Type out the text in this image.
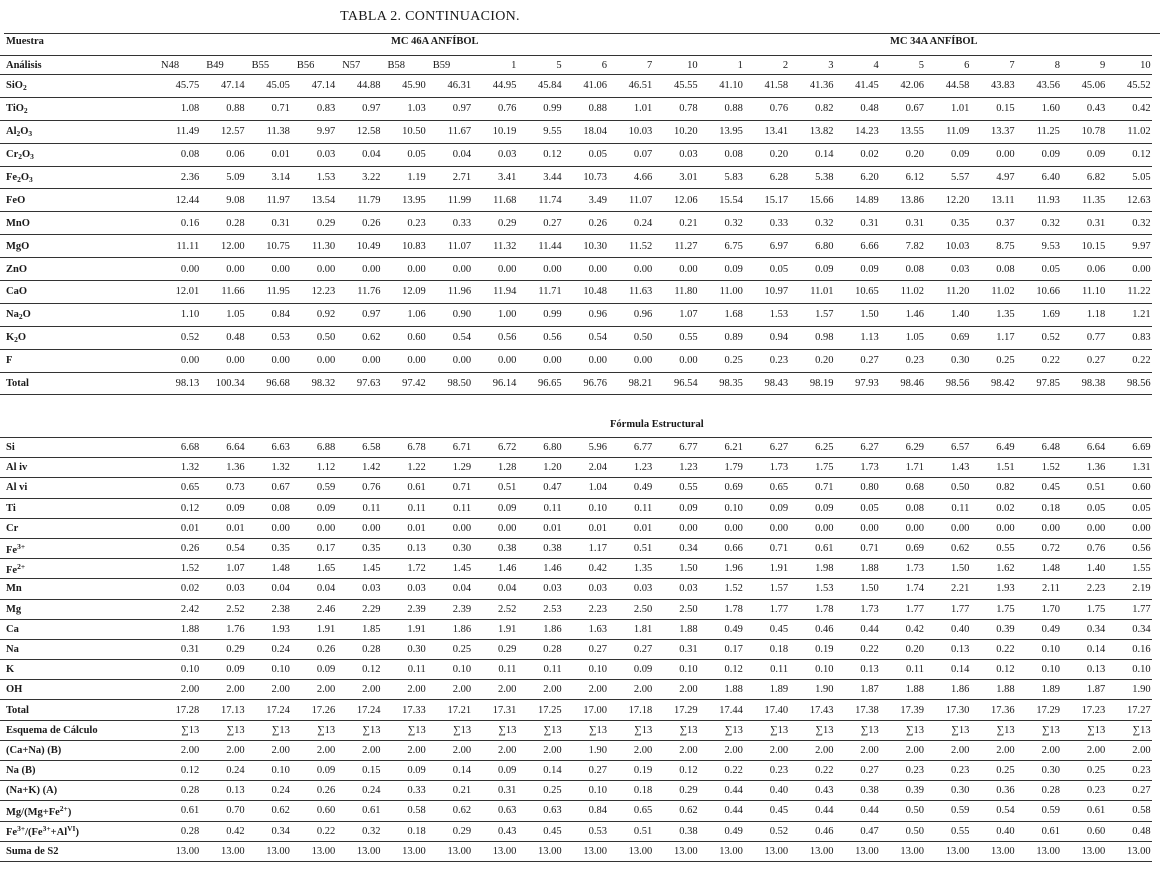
TABLA 2. CONTINUACION.
Muestra	MC 46A ANFÍBOL	MC 34A ANFÍBOL
Análisis	N48	B49	B55	B56	N57	B58	B59	1	5	6	7	10	1	2	3	4	5	6	7	8	9	10
SiO$_2$	45.75	47.14	45.05	47.14	44.88	45.90	46.31	44.95	45.84	41.06	46.51	45.55	41.10	41.58	41.36	41.45	42.06	44.58	43.83	43.56	45.06	45.52
TiO$_2$	1.08	0.88	0.71	0.83	0.97	1.03	0.97	0.76	0.99	0.88	1.01	0.78	0.88	0.76	0.82	0.48	0.67	1.01	0.15	1.60	0.43	0.42
$Al_2O_3$	11.49	12.57	11.38	9.97	12.58	10.50	11.67	10.19	9.55	18.04	10.03	10.20	13.95	13.41	13.82	14.23	13.55	11.09	13.37	11.25	10.78	11.02
$Cr_2O_3$	0.08	0.06	0.01	0.03	0.04	0.05	0.04	0.03	0.12	0.05	0.07	0.03	0.08	0.20	0.14	0.02	0.20	0.09	0.00	0.09	0.09	0.12
$Fe_2O_3$	2.36	5.09	3.14	1.53	3.22	1.19	2.71	3.41	3.44	10.73	4.66	3.01	5.83	6.28	5.38	6.20	6.12	5.57	4.97	6.40	6.82	5.05
FeO	12.44	9.08	11.97	13.54	11.79	13.95	11.99	11.68	11.74	3.49	11.07	12.06	15.54	15.17	15.66	14.89	13.86	12.20	13.11	11.93	11.35	12.63
MnO	0.16	0.28	0.31	0.29	0.26	0.23	0.33	0.29	0.27	0.26	0.24	0.21	0.32	0.33	0.32	0.31	0.31	0.35	0.37	0.32	0.31	0.32
MgO	11.11	12.00	10.75	11.30	10.49	10.83	11.07	11.32	11.44	10.30	11.52	11.27	6.75	6.97	6.80	6.66	7.82	10.03	8.75	9.53	10.15	9.97
ZnO	0.00	0.00	0.00	0.00	0.00	0.00	0.00	0.00	0.00	0.00	0.00	0.00	0.09	0.05	0.09	0.09	0.08	0.03	0.08	0.05	0.06	0.00
CaO	12.01	11.66	11.95	12.23	11.76	12.09	11.96	11.94	11.71	10.48	11.63	11.80	11.00	10.97	11.01	10.65	11.02	11.20	11.02	10.66	11.10	11.22
$Na_2O$	1.10	1.05	0.84	0.92	0.97	1.06	0.90	1.00	0.99	0.96	0.96	1.07	1.68	1.53	1.57	1.50	1.46	1.40	1.35	1.69	1.18	1.21
$K_2O$	0.52	0.48	0.53	0.50	0.62	0.60	0.54	0.56	0.56	0.54	0.50	0.55	0.89	0.94	0.98	1.13	1.05	0.69	1.17	0.52	0.77	0.83
F	0.00	0.00	0.00	0.00	0.00	0.00	0.00	0.00	0.00	0.00	0.00	0.00	0.25	0.23	0.20	0.27	0.23	0.30	0.25	0.22	0.27	0.22
Total	98.13	100.34	96.68	98.32	97.63	97.42	98.50	96.14	96.65	96.76	98.21	96.54	98.35	98.43	98.19	97.93	98.46	98.56	98.42	97.85	98.38	98.56

Fórmula Estructural
Si	6.68	6.64	6.63	6.88	6.58	6.78	6.71	6.72	6.80	5.96	6.77	6.77	6.21	6.27	6.25	6.27	6.29	6.57	6.49	6.48	6.64	6.69
Al iv	1.32	1.36	1.32	1.12	1.42	1.22	1.29	1.28	1.20	2.04	1.23	1.23	1.79	1.73	1.75	1.73	1.71	1.43	1.51	1.52	1.36	1.31
Al vi	0.65	0.73	0.67	0.59	0.76	0.61	0.71	0.51	0.47	1.04	0.49	0.55	0.69	0.65	0.71	0.80	0.68	0.50	0.82	0.45	0.51	0.60
Ti	0.12	0.09	0.08	0.09	0.11	0.11	0.11	0.09	0.11	0.10	0.11	0.09	0.10	0.09	0.09	0.05	0.08	0.11	0.02	0.18	0.05	0.05
Cr	0.01	0.01	0.00	0.00	0.00	0.01	0.00	0.00	0.01	0.01	0.01	0.00	0.00	0.00	0.00	0.00	0.00	0.00	0.00	0.00	0.00	0.00
$Fe^{3+}$	0.26	0.54	0.35	0.17	0.35	0.13	0.30	0.38	0.38	1.17	0.51	0.34	0.66	0.71	0.61	0.71	0.69	0.62	0.55	0.72	0.76	0.56
$Fe^{2+}$	1.52	1.07	1.48	1.65	1.45	1.72	1.45	1.46	1.46	0.42	1.35	1.50	1.96	1.91	1.98	1.88	1.73	1.50	1.62	1.48	1.40	1.55
Mn	0.02	0.03	0.04	0.04	0.03	0.03	0.04	0.04	0.03	0.03	0.03	0.03	1.52	1.57	1.53	1.50	1.74	2.21	1.93	2.11	2.23	2.19
Mg	2.42	2.52	2.38	2.46	2.29	2.39	2.39	2.52	2.53	2.23	2.50	2.50	1.78	1.77	1.78	1.73	1.77	1.77	1.75	1.70	1.75	1.77
Ca	1.88	1.76	1.93	1.91	1.85	1.91	1.86	1.91	1.86	1.63	1.81	1.88	0.49	0.45	0.46	0.44	0.42	0.40	0.39	0.49	0.34	0.34
Na	0.31	0.29	0.24	0.26	0.28	0.30	0.25	0.29	0.28	0.27	0.27	0.31	0.17	0.18	0.19	0.22	0.20	0.13	0.22	0.10	0.14	0.16
K	0.10	0.09	0.10	0.09	0.12	0.11	0.10	0.11	0.11	0.10	0.09	0.10	0.12	0.11	0.10	0.13	0.11	0.14	0.12	0.10	0.13	0.10
OH	2.00	2.00	2.00	2.00	2.00	2.00	2.00	2.00	2.00	2.00	2.00	2.00	1.88	1.89	1.90	1.87	1.88	1.86	1.88	1.89	1.87	1.90
Total	17.28	17.13	17.24	17.26	17.24	17.33	17.21	17.31	17.25	17.00	17.18	17.29	17.44	17.40	17.43	17.38	17.39	17.30	17.36	17.29	17.23	17.27
Esquema de Cálculo	∑13	∑13	∑13	∑13	∑13	∑13	∑13	∑13	∑13	∑13	∑13	∑13	∑13	∑13	∑13	∑13	∑13	∑13	∑13	∑13	∑13	∑13
(Ca+Na) (B)	2.00	2.00	2.00	2.00	2.00	2.00	2.00	2.00	2.00	1.90	2.00	2.00	2.00	2.00	2.00	2.00	2.00	2.00	2.00	2.00	2.00	2.00
Na (B)	0.12	0.24	0.10	0.09	0.15	0.09	0.14	0.09	0.14	0.27	0.19	0.12	0.22	0.23	0.22	0.27	0.23	0.23	0.25	0.30	0.25	0.23
(Na+K) (A)	0.28	0.13	0.24	0.26	0.24	0.33	0.21	0.31	0.25	0.10	0.18	0.29	0.44	0.40	0.43	0.38	0.39	0.30	0.36	0.28	0.23	0.27
$Mg/(Mg+Fe^{2+})$	0.61	0.70	0.62	0.60	0.61	0.58	0.62	0.63	0.63	0.84	0.65	0.62	0.44	0.45	0.44	0.44	0.50	0.59	0.54	0.59	0.61	0.58
$Fe^{3+}/(Fe^{3+}+Al^{VI})$	0.28	0.42	0.34	0.22	0.32	0.18	0.29	0.43	0.45	0.53	0.51	0.38	0.49	0.52	0.46	0.47	0.50	0.55	0.40	0.61	0.60	0.48
Suma de S2	13.00	13.00	13.00	13.00	13.00	13.00	13.00	13.00	13.00	13.00	13.00	13.00	13.00	13.00	13.00	13.00	13.00	13.00	13.00	13.00	13.00	13.00
